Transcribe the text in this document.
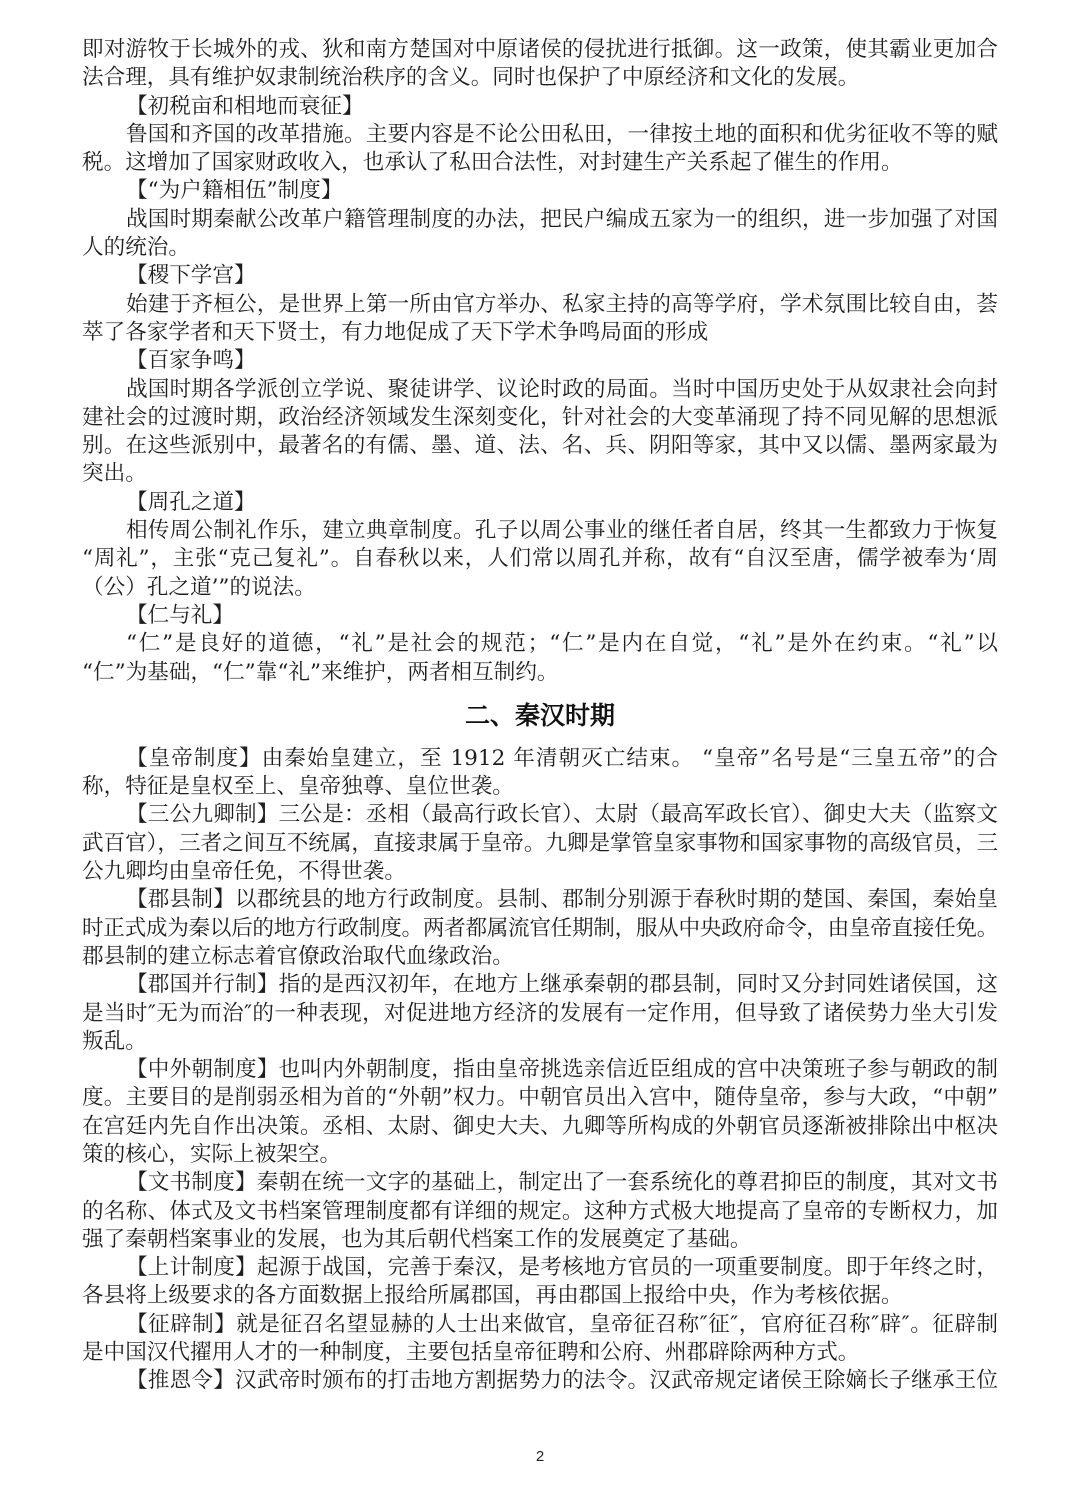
即对游牧于长城外的戎、狄和南方楚国对中原诸侯的侵扰进行抵御。这一政策，使其霸业更加合
法合理，具有维护奴隶制统治秩序的含义。同时也保护了中原经济和文化的发展。
【初税亩和相地而衰征】
鲁国和齐国的改革措施。主要内容是不论公田私田，一律按土地的面积和优劣征收不等的赋
税。这增加了国家财政收入，也承认了私田合法性，对封建生产关系起了催生的作用。
【“为户籍相伍”制度】
战国时期秦献公改革户籍管理制度的办法，把民户编成五家为一的组织，进一步加强了对国
人的统治。
【稷下学宫】
始建于齐桓公，是世界上第一所由官方举办、私家主持的高等学府，学术氛围比较自由，荟
萃了各家学者和天下贤士，有力地促成了天下学术争鸣局面的形成
【百家争鸣】
战国时期各学派创立学说、聚徒讲学、议论时政的局面。当时中国历史处于从奴隶社会向封
建社会的过渡时期，政治经济领域发生深刻变化，针对社会的大变革涌现了持不同见解的思想派
别。在这些派别中，最著名的有儒、墨、道、法、名、兵、阴阳等家，其中又以儒、墨两家最为
突出。
【周孔之道】
相传周公制礼作乐，建立典章制度。孔子以周公事业的继任者自居，终其一生都致力于恢复
“周礼”，主张“克己复礼”。自春秋以来，人们常以周孔并称，故有“自汉至唐，儒学被奉为‘周
（公）孔之道’”的说法。
【仁与礼】
“仁”是良好的道德，“礼”是社会的规范；“仁”是内在自觉，“礼”是外在约束。“礼”以
“仁”为基础，“仁”靠“礼”来维护，两者相互制约。
二、秦汉时期
【皇帝制度】由秦始皇建立，至 1912 年清朝灭亡结束。 “皇帝”名号是“三皇五帝”的合
称，特征是皇权至上、皇帝独尊、皇位世袭。
【三公九卿制】三公是：丞相（最高行政长官）、太尉（最高军政长官）、御史大夫（监察文
武百官），三者之间互不统属，直接隶属于皇帝。九卿是掌管皇家事物和国家事物的高级官员，三
公九卿均由皇帝任免，不得世袭。
【郡县制】以郡统县的地方行政制度。县制、郡制分别源于春秋时期的楚国、秦国，秦始皇
时正式成为秦以后的地方行政制度。两者都属流官任期制，服从中央政府命令，由皇帝直接任免。
郡县制的建立标志着官僚政治取代血缘政治。
【郡国并行制】指的是西汉初年，在地方上继承秦朝的郡县制，同时又分封同姓诸侯国，这
是当时″无为而治″的一种表现，对促进地方经济的发展有一定作用，但导致了诸侯势力坐大引发
叛乱。
【中外朝制度】也叫内外朝制度，指由皇帝挑选亲信近臣组成的宫中决策班子参与朝政的制
度。主要目的是削弱丞相为首的“外朝”权力。中朝官员出入宫中，随侍皇帝，参与大政，“中朝”
在宫廷内先自作出决策。丞相、太尉、御史大夫、九卿等所构成的外朝官员逐渐被排除出中枢决
策的核心，实际上被架空。
【文书制度】秦朝在统一文字的基础上，制定出了一套系统化的尊君抑臣的制度，其对文书
的名称、体式及文书档案管理制度都有详细的规定。这种方式极大地提高了皇帝的专断权力，加
强了秦朝档案事业的发展，也为其后朝代档案工作的发展奠定了基础。
【上计制度】起源于战国，完善于秦汉，是考核地方官员的一项重要制度。即于年终之时，
各县将上级要求的各方面数据上报给所属郡国，再由郡国上报给中央，作为考核依据。
【征辟制】就是征召名望显赫的人士出来做官，皇帝征召称″征″，官府征召称″辟″。征辟制
是中国汉代擢用人才的一种制度，主要包括皇帝征聘和公府、州郡辟除两种方式。
【推恩令】汉武帝时颁布的打击地方割据势力的法令。汉武帝规定诸侯王除嫡长子继承王位
2
